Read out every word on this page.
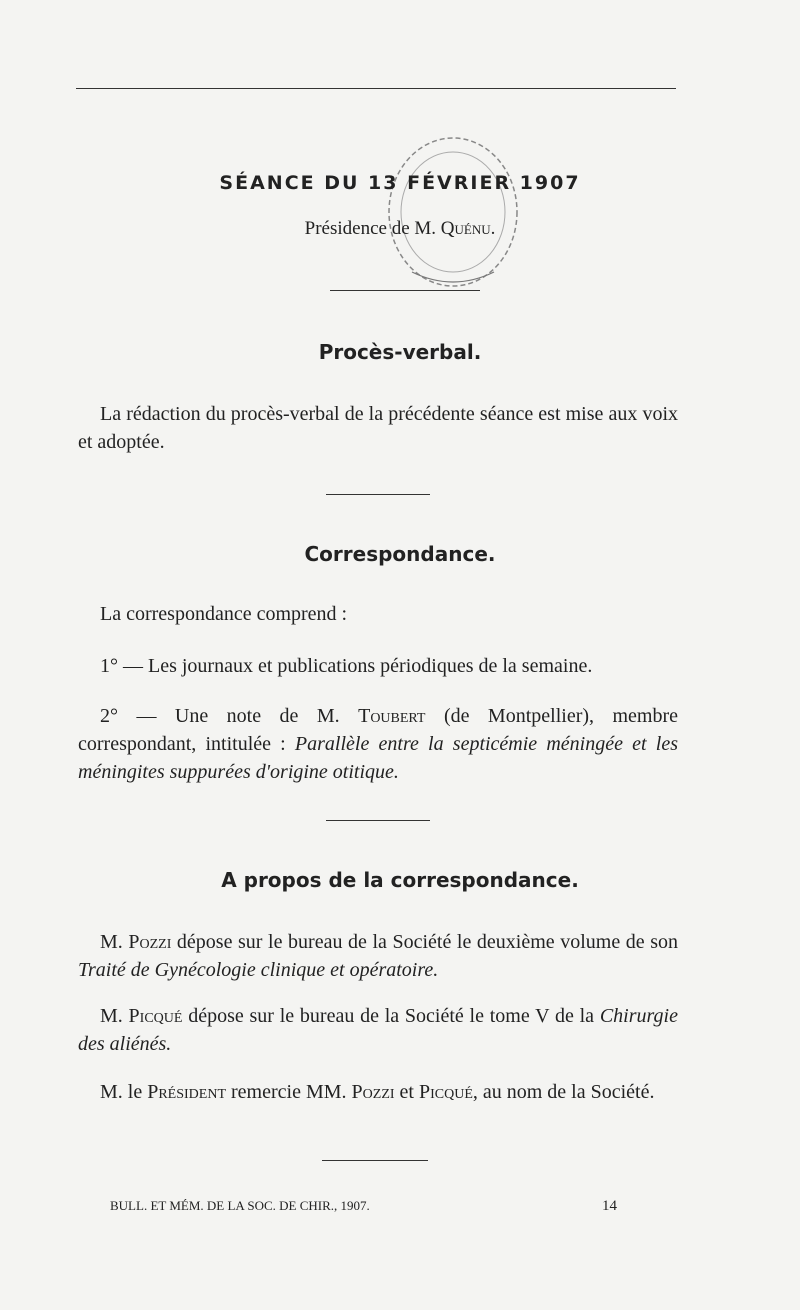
SÉANCE DU 13 FÉVRIER 1907
Présidence de M. Quénu.
Procès-verbal.
La rédaction du procès-verbal de la précédente séance est mise aux voix et adoptée.
Correspondance.
La correspondance comprend :
1° — Les journaux et publications périodiques de la semaine.
2° — Une note de M. Toubert (de Montpellier), membre correspondant, intitulée : Parallèle entre la septicémie méningée et les méningites suppurées d'origine otitique.
A propos de la correspondance.
M. Pozzi dépose sur le bureau de la Société le deuxième volume de son Traité de Gynécologie clinique et opératoire.
M. Picqué dépose sur le bureau de la Société le tome V de la Chirurgie des aliénés.
M. le Président remercie MM. Pozzi et Picqué, au nom de la Société.
BULL. ET MÉM. DE LA SOC. DE CHIR., 1907.	14
